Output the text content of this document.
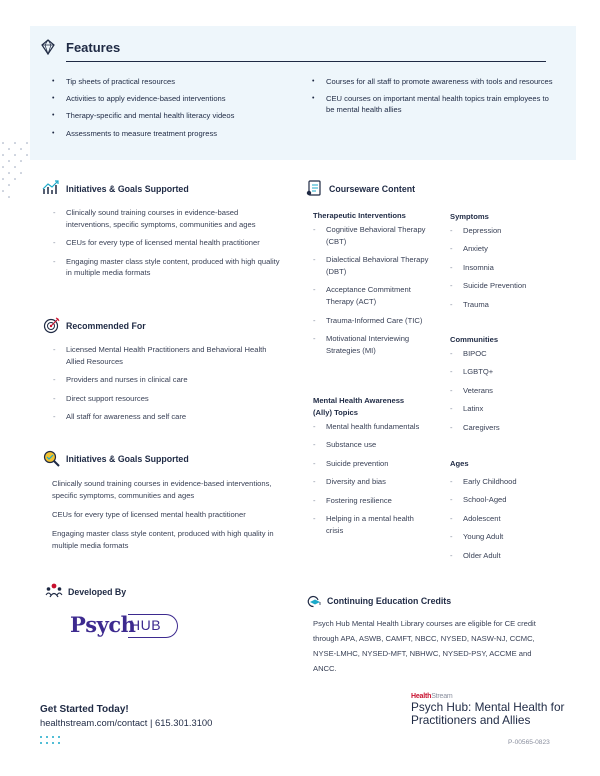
Features
• Tip sheets of practical resources
• Activities to apply evidence-based interventions
• Therapy-specific and mental health literacy videos
• Assessments to measure treatment progress
• Courses for all staff to promote awareness with tools and resources
• CEU courses on important mental health topics train employees to be mental health allies
Initiatives & Goals Supported
- Clinically sound training courses in evidence-based interventions, specific symptoms, communities and ages
- CEUs for every type of licensed mental health practitioner
- Engaging master class style content, produced with high quality in multiple media formats
Recommended For
- Licensed Mental Health Practitioners and Behavioral Health Allied Resources
- Providers and nurses in clinical care
- Direct support resources
- All staff for awareness and self care
Initiatives & Goals Supported
Clinically sound training courses in evidence-based interventions, specific symptoms, communities and ages
CEUs for every type of licensed mental health practitioner
Engaging master class style content, produced with high quality in multiple media formats
Developed By
Psych
HUB
Courseware Content
Therapeutic Interventions
- Cognitive Behavioral Therapy (CBT)
- Dialectical Behavioral Therapy (DBT)
- Acceptance Commitment Therapy (ACT)
- Trauma-Informed Care (TIC)
- Motivational Interviewing Strategies (MI)
Mental Health Awareness (Ally) Topics
- Mental health fundamentals
- Substance use
- Suicide prevention
- Diversity and bias
- Fostering resilience
- Helping in a mental health crisis
Symptoms
- Depression
- Anxiety
- Insomnia
- Suicide Prevention
- Trauma
Communities
- BIPOC
- LGBTQ+
- Veterans
- Latinx
- Caregivers
Ages
- Early Childhood
- School-Aged
- Adolescent
- Young Adult
- Older Adult
Continuing Education Credits
Psych Hub Mental Health Library courses are eligible for CE credit through APA, ASWB, CAMFT, NBCC, NYSED, NASW-NJ, CCMC, NYSE-LMHC, NYSED-MFT, NBHWC, NYSED-PSY, ACCME and ANCC.
Get Started Today!
healthstream.com/contact | 615.301.3100
HealthStream
Psych Hub: Mental Health for Practitioners and Allies
P-00565-0823
